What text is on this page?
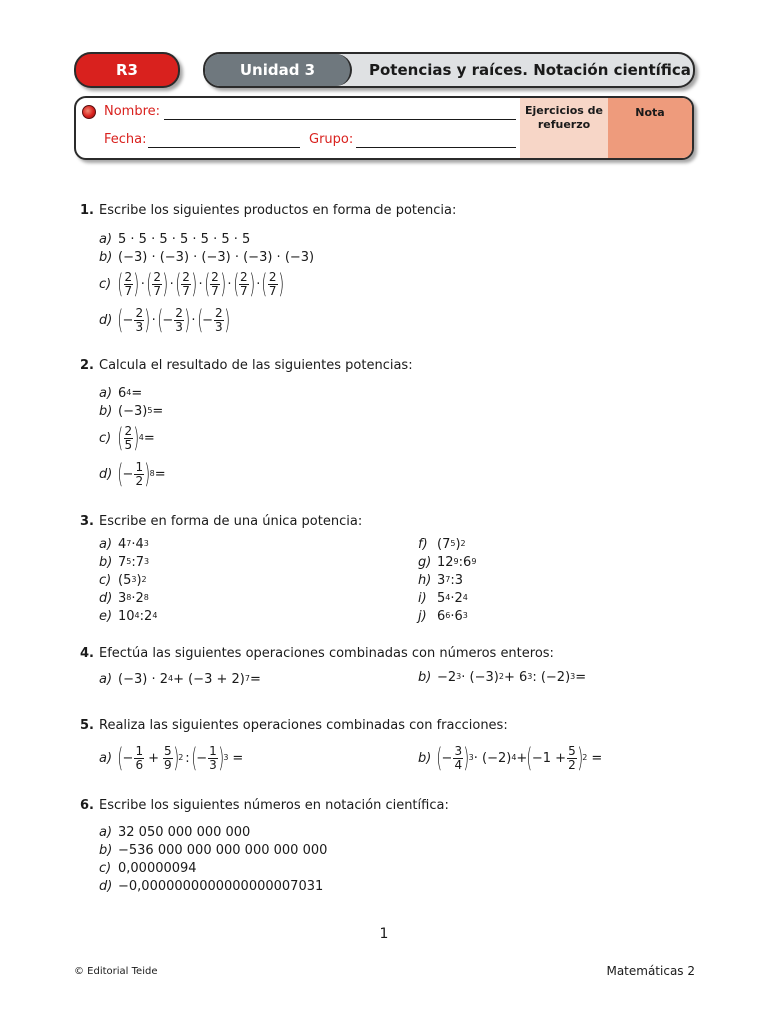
R3	Unidad 3	Potencias y raíces. Notación científica
Nombre:
Fecha:	Grupo:
Ejercicios de refuerzo
Nota
1. Escribe los siguientes productos en forma de potencia:
a) 5 · 5 · 5 · 5 · 5 · 5 · 5
b) (−3) · (−3) · (−3) · (−3) · (−3)
c) ( $\frac{2}{7}$ ) · ( $\frac{2}{7}$ ) · ( $\frac{2}{7}$ ) · ( $\frac{2}{7}$ ) · ( $\frac{2}{7}$ ) · ( $\frac{2}{7}$ )
d) ( − $\frac{2}{3}$ ) · ( − $\frac{2}{3}$ ) · ( − $\frac{2}{3}$ )
2. Calcula el resultado de las siguientes potencias:
a) 6 4 =
b) (−3) 5 =
c) ( $\frac{2}{5}$ ) 4 =
d) ( − $\frac{1}{2}$ ) 8 =
3. Escribe en forma de una única potencia:
a) 4 7 · 4 3
b) 7 5 : 7 3
c) (5 3 ) 2
d) 3 8 · 2 8
e) 10 4 : 2 4
f) (7 5 ) 2
g) 12 9 : 6 9
h) 3 7 : 3
i) 5 4 · 2 4
j) 6 6 · 6 3
4. Efectúa las siguientes operaciones combinadas con números enteros:
a) (−3) · 2 4 + (−3 + 2) 7 =	b) −2 3 · (−3) 2 + 6 3 : (−2) 3 =
5. Realiza las siguientes operaciones combinadas con fracciones:
a) ( − $\frac{1}{6} + \frac{5}{9}$ ) 2 : ( − $\frac{1}{3}$ ) 3 =	b) ( − $\frac{3}{4}$ ) 3 · (−2) 4 + ( $-1 + \frac{5}{2}$ ) 2 =
6. Escribe los siguientes números en notación científica:
a) 32 050 000 000 000
b) −536 000 000 000 000 000 000
c) 0,00000094
d) −0,0000000000000000007031
1
© Editorial Teide	Matemáticas 2
